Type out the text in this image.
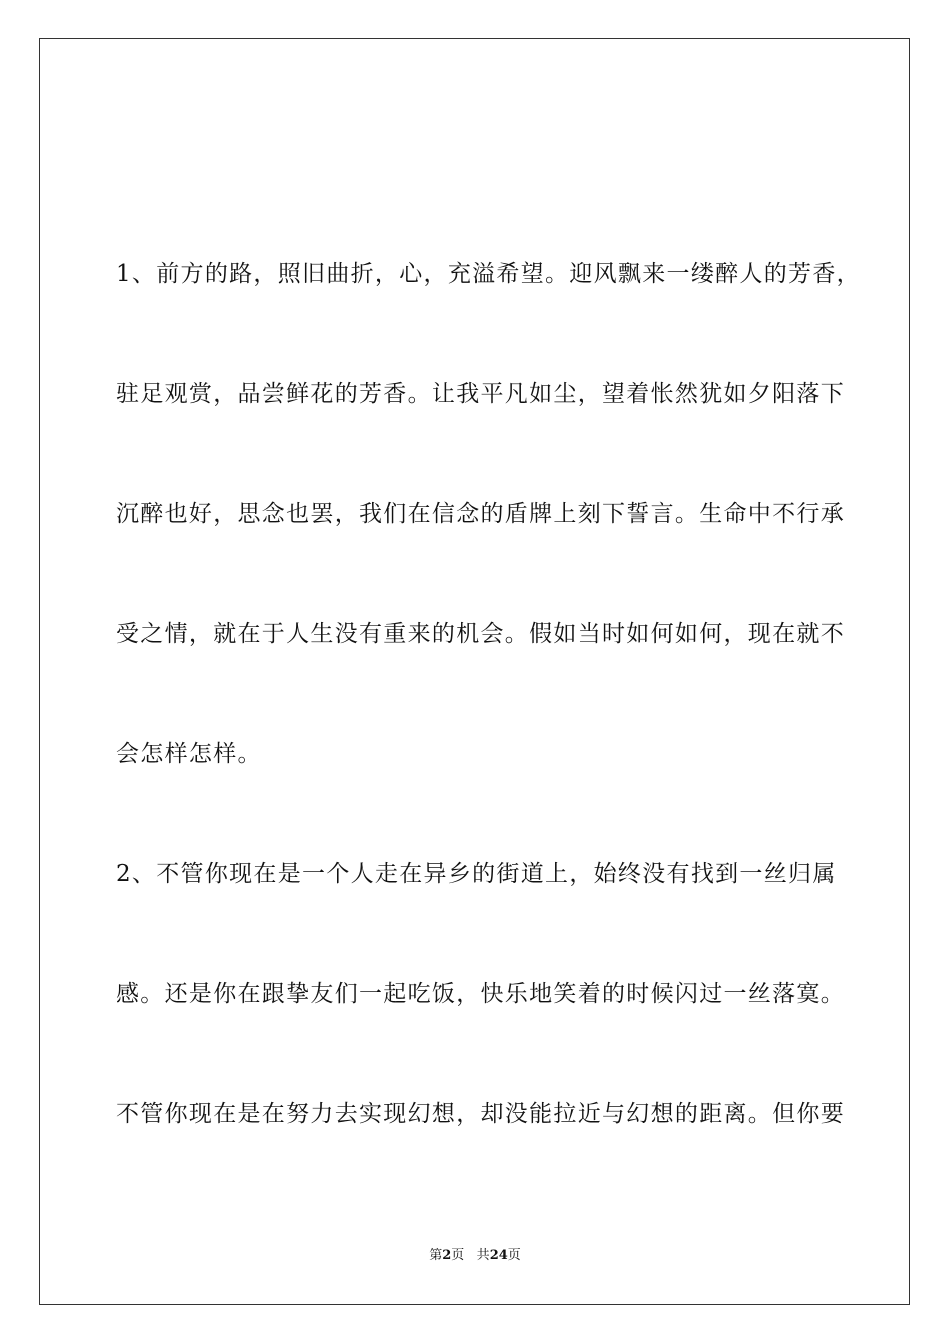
1、前方的路，照旧曲折，心，充溢希望。迎风飘来一缕醉人的芳香，
驻足观赏，品尝鲜花的芳香。让我平凡如尘，望着怅然犹如夕阳落下
沉醉也好，思念也罢，我们在信念的盾牌上刻下誓言。生命中不行承
受之情，就在于人生没有重来的机会。假如当时如何如何，现在就不
会怎样怎样。
2、不管你现在是一个人走在异乡的街道上，始终没有找到一丝归属
感。还是你在跟挚友们一起吃饭，快乐地笑着的时候闪过一丝落寞。
不管你现在是在努力去实现幻想，却没能拉近与幻想的距离。但你要
第2页 共24页
